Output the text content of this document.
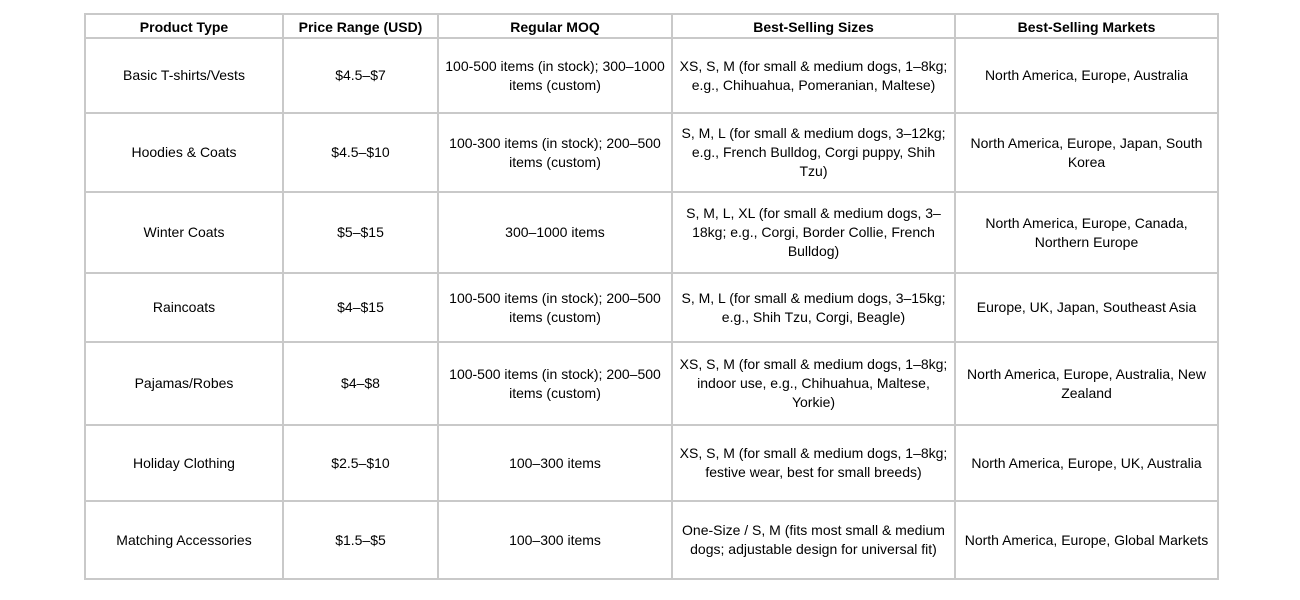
Product Type	Price Range (USD)	Regular MOQ	Best-Selling Sizes	Best-Selling Markets
Basic T-shirts/Vests	$4.5–$7	100-500 items (in stock); 300–1000 items (custom)	XS, S, M (for small & medium dogs, 1–8kg; e.g., Chihuahua, Pomeranian, Maltese)	North America, Europe, Australia
Hoodies & Coats	$4.5–$10	100-300 items (in stock); 200–500 items (custom)	S, M, L (for small & medium dogs, 3–12kg; e.g., French Bulldog, Corgi puppy, Shih Tzu)	North America, Europe, Japan, South Korea
Winter Coats	$5–$15	300–1000 items	S, M, L, XL (for small & medium dogs, 3–18kg; e.g., Corgi, Border Collie, French Bulldog)	North America, Europe, Canada, Northern Europe
Raincoats	$4–$15	100-500 items (in stock); 200–500 items (custom)	S, M, L (for small & medium dogs, 3–15kg; e.g., Shih Tzu, Corgi, Beagle)	Europe, UK, Japan, Southeast Asia
Pajamas/Robes	$4–$8	100-500 items (in stock); 200–500 items (custom)	XS, S, M (for small & medium dogs, 1–8kg; indoor use, e.g., Chihuahua, Maltese, Yorkie)	North America, Europe, Australia, New Zealand
Holiday Clothing	$2.5–$10	100–300 items	XS, S, M (for small & medium dogs, 1–8kg; festive wear, best for small breeds)	North America, Europe, UK, Australia
Matching Accessories	$1.5–$5	100–300 items	One-Size / S, M (fits most small & medium dogs; adjustable design for universal fit)	North America, Europe, Global Markets
